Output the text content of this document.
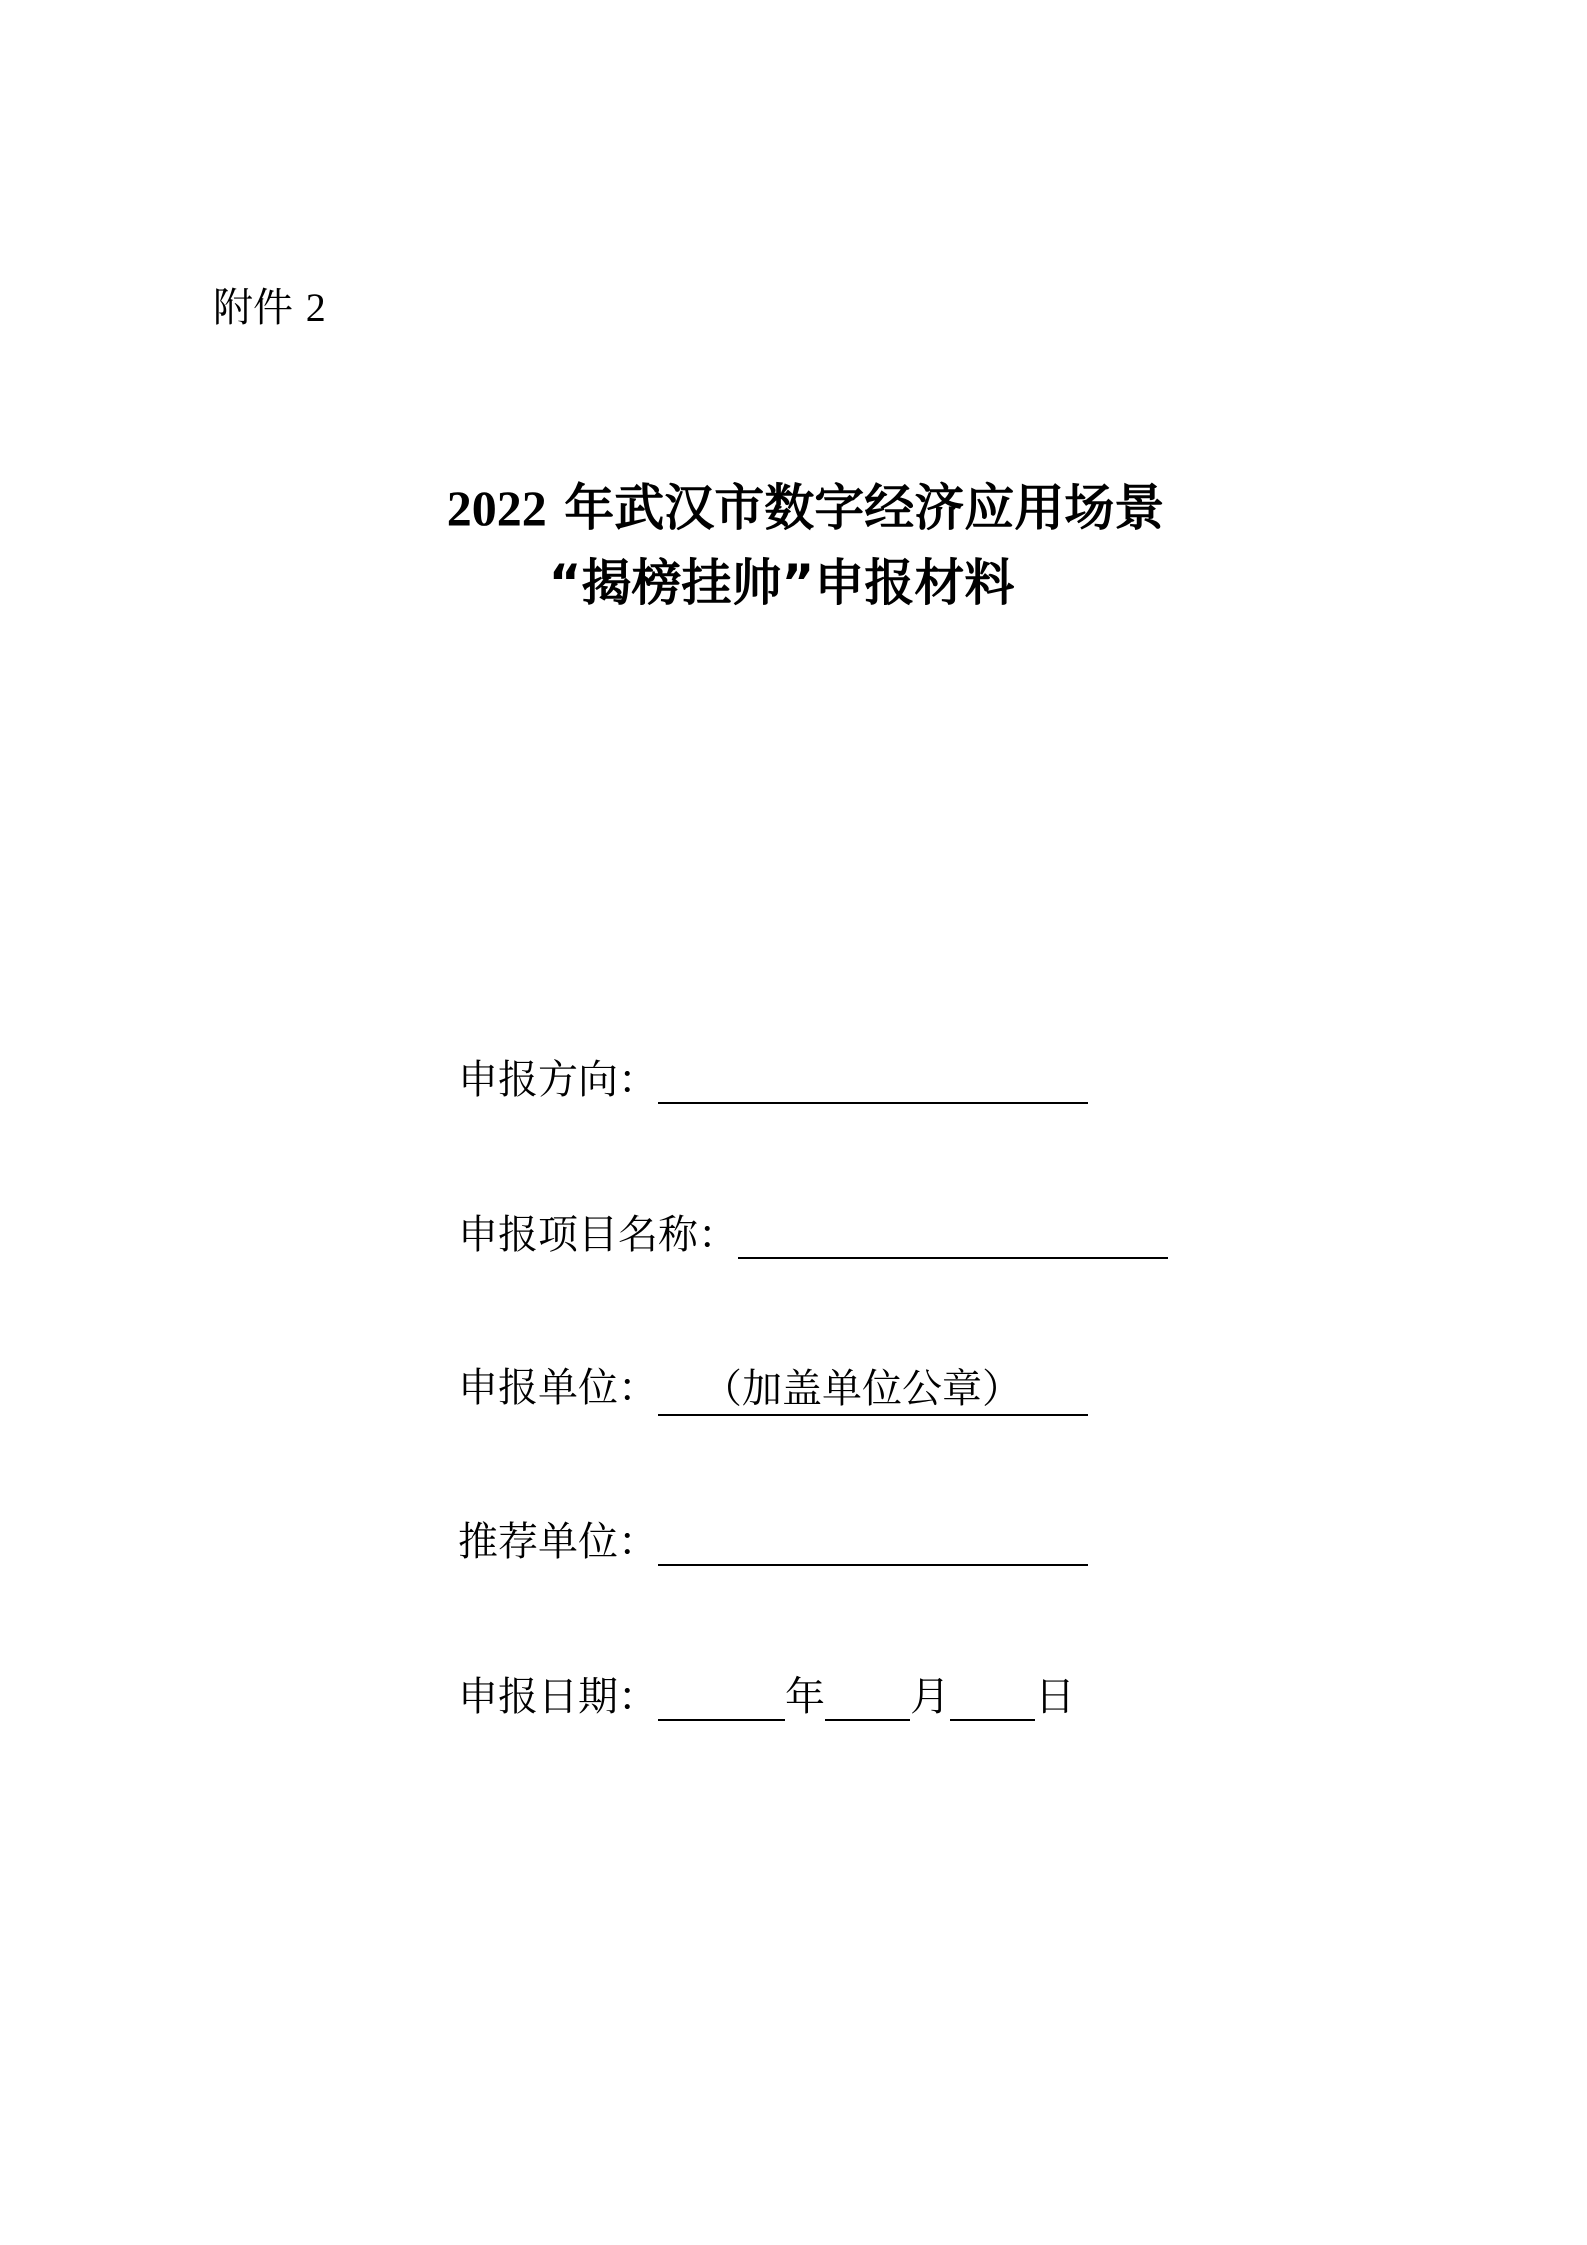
附件 2
2022 年武汉市数字经济应用场景
“揭榜挂帅”申报材料
申报方向：
申报项目名称：
申报单位： （加盖单位公章）
推荐单位：
申报日期：	年 月 日
